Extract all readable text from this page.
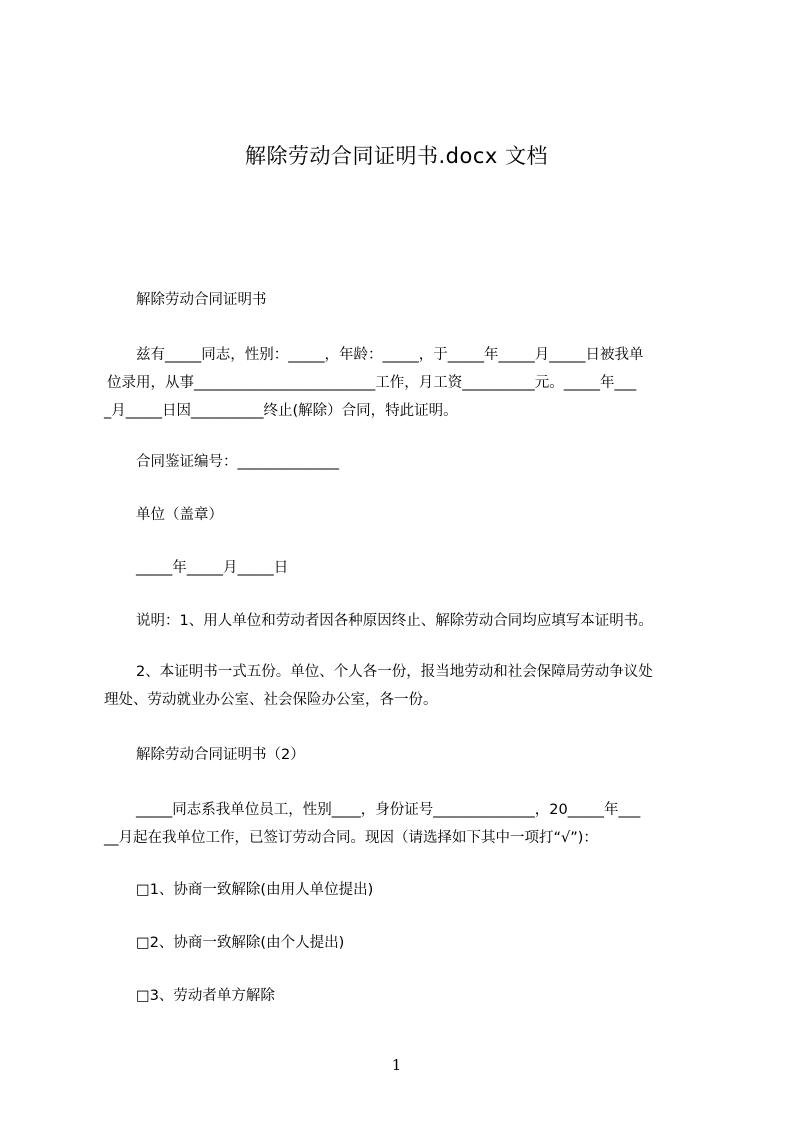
解除劳动合同证明书.docx 文档
解除劳动合同证明书
兹有_____同志，性别：_____，年龄：_____，于_____年_____月_____日被我单
位录用，从事_________________________工作，月工资__________元。_____年___
_月_____日因__________终止(解除）合同，特此证明。
合同鉴证编号：______________
单位（盖章）
_____年_____月_____日
说明：1、用人单位和劳动者因各种原因终止、解除劳动合同均应填写本证明书。
2、本证明书一式五份。单位、个人各一份，报当地劳动和社会保障局劳动争议处
理处、劳动就业办公室、社会保险办公室，各一份。
解除劳动合同证明书（2）
_____同志系我单位员工，性别____，身份证号______________，20_____年___
__月起在我单位工作，已签订劳动合同。现因（请选择如下其中一项打“√”)：
□1、协商一致解除(由用人单位提出)
□2、协商一致解除(由个人提出)
□3、劳动者单方解除
1
